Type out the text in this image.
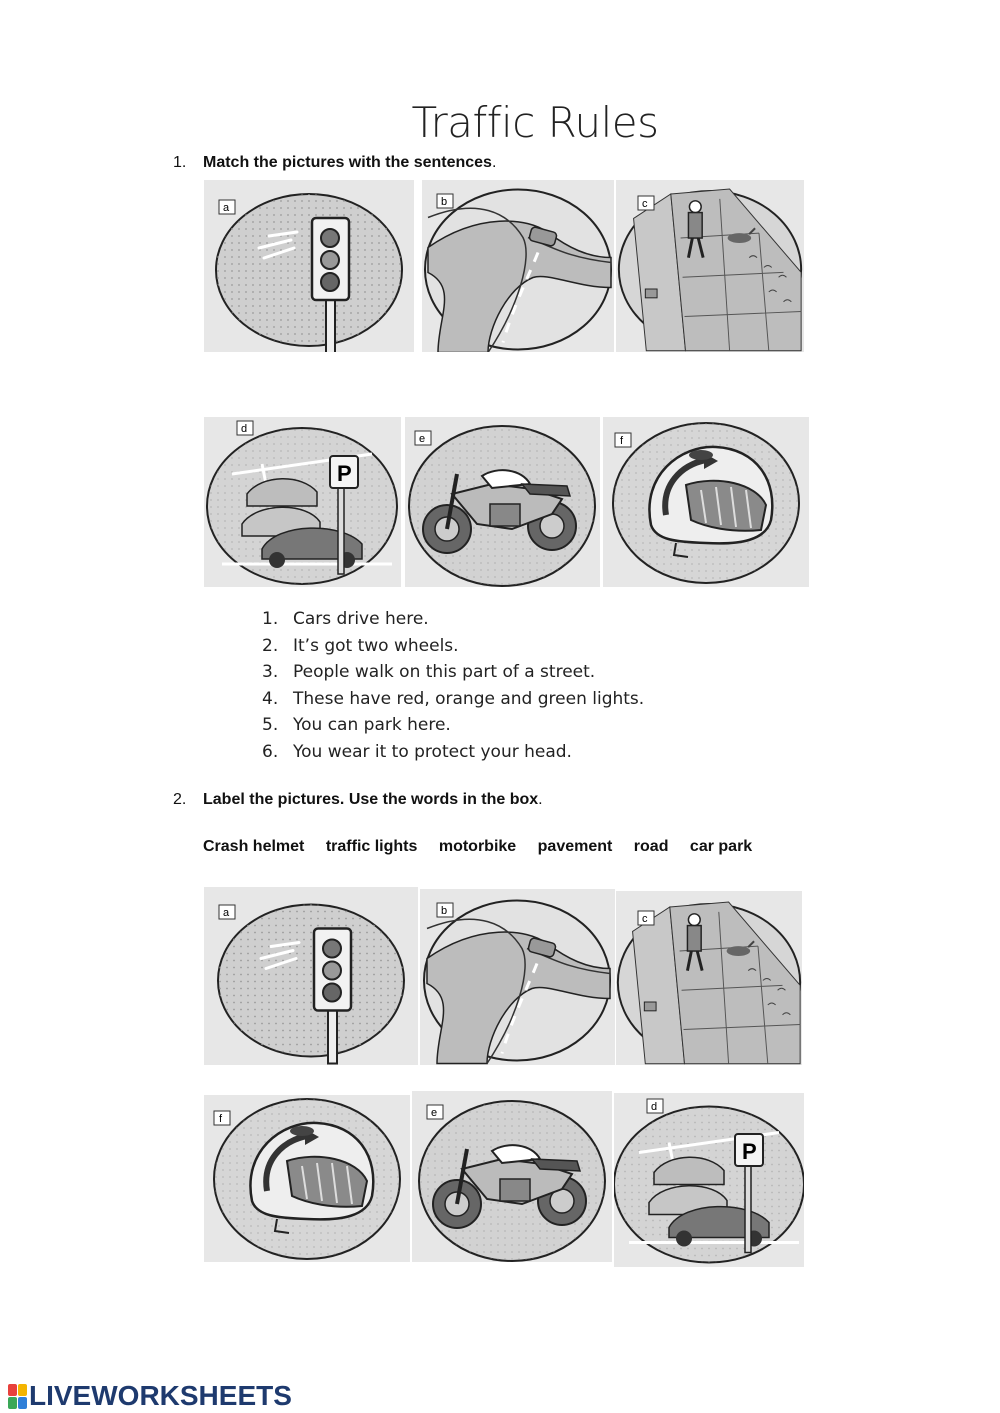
Traffic Rules
1. Match the pictures with the sentences.
a	b	c
P
d
e	f
1. Cars drive here.
2. It’s got two wheels.
3. People walk on this part of a street.
4. These have red, orange and green lights.
5. You can park here.
6. You wear it to protect your head.
2. Label the pictures. Use the words in the box.
Crash helmet traffic lights motorbike pavement road car park
a	b
c
f	e
P
d
LIVEWORKSHEETS
